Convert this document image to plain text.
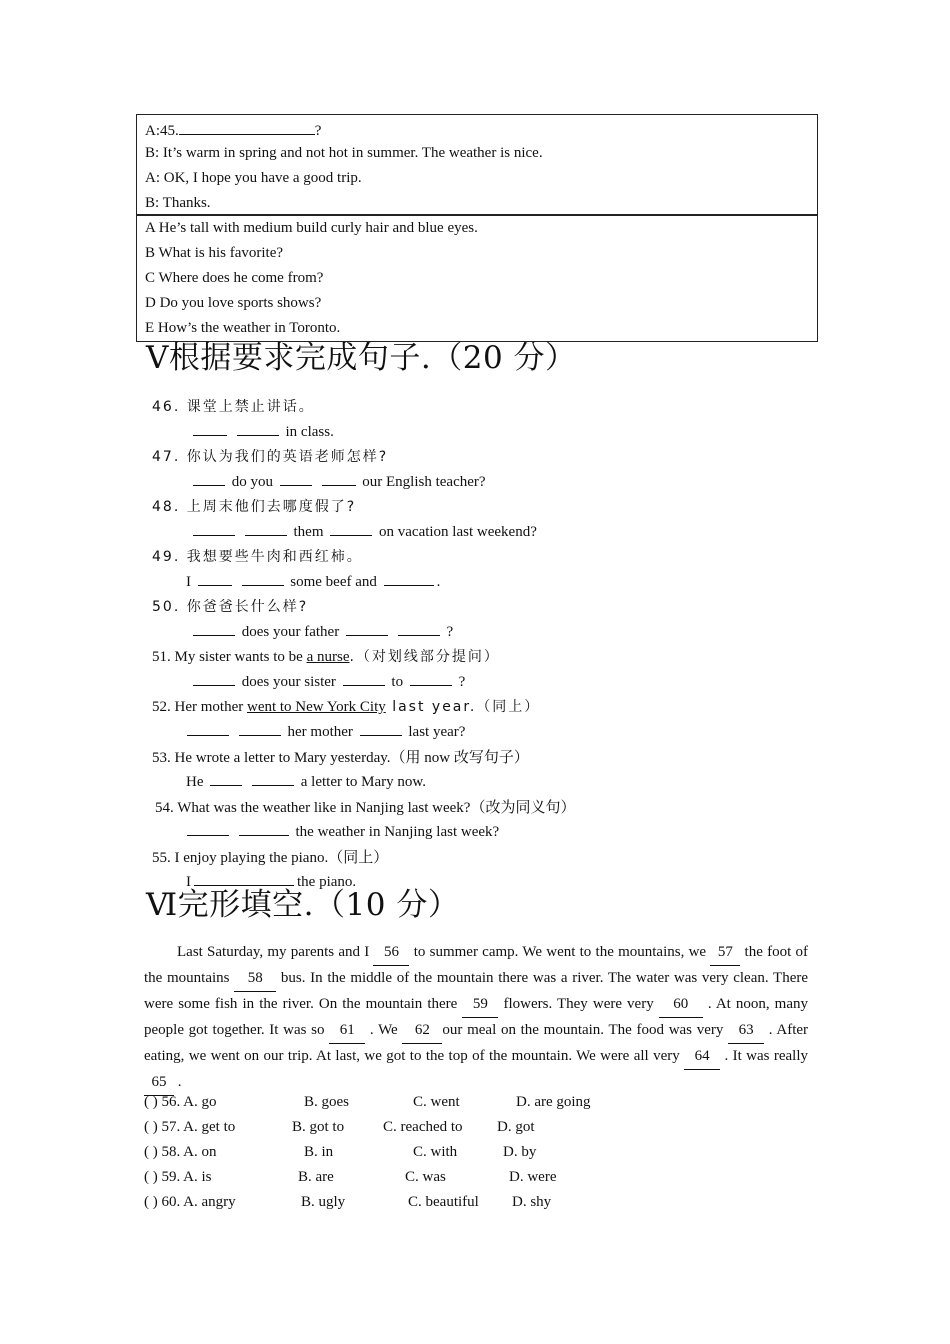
A:45.	?
B: It’s warm in spring and not hot in summer. The weather is nice.
A: OK, I hope you have a good trip.
B: Thanks.
A He’s tall with medium build curly hair and blue eyes.
B What is his favorite?
C Where does he come from?
D Do you love sports shows?
E How’s the weather in Toronto.
Ⅴ根据要求完成句子.（20 分）
46. 课堂上禁止讲话。
in class.
47. 你认为我们的英语老师怎样?
do you	our English teacher?
48. 上周末他们去哪度假了?
them	on vacation last weekend?
49. 我想要些牛肉和西红柿。
I	some beef and	.
50. 你爸爸长什么样?
does your father	?
51. My sister wants to be a nurse.（对划线部分提问）
does your sister	to	?
52. Her mother went to New York City last year.（同上）
her mother	last year?
53. He wrote a letter to Mary yesterday.（用 now 改写句子）
He	a letter to Mary now.
54. What was the weather like in Nanjing last week?（改为同义句）
the weather in Nanjing last week?
55. I enjoy playing the piano.（同上）
I	the piano.
Ⅵ完形填空.（10 分）
Last Saturday, my parents and I 56 to summer camp. We went to the mountains, we 57 the foot of the mountains 58 bus. In the middle of the mountain there was a river. The water was very clean. There were some fish in the river. On the mountain there 59 flowers. They were very 60 . At noon, many people got together. It was so 61 . We 62 our meal on the mountain. The food was very 63 . After eating, we went on our trip. At last, we got to the top of the mountain. We were all very 64 . It was really 65 .
( ) 56. A. go	B. goes	C. went	D. are going
( ) 57. A. get to	B. got to	C. reached to D. got
( ) 58. A. on	B. in	C. with	D. by
( ) 59. A. is	B. are	C. was	D. were
( ) 60. A. angry	B. ugly	C. beautiful D. shy
